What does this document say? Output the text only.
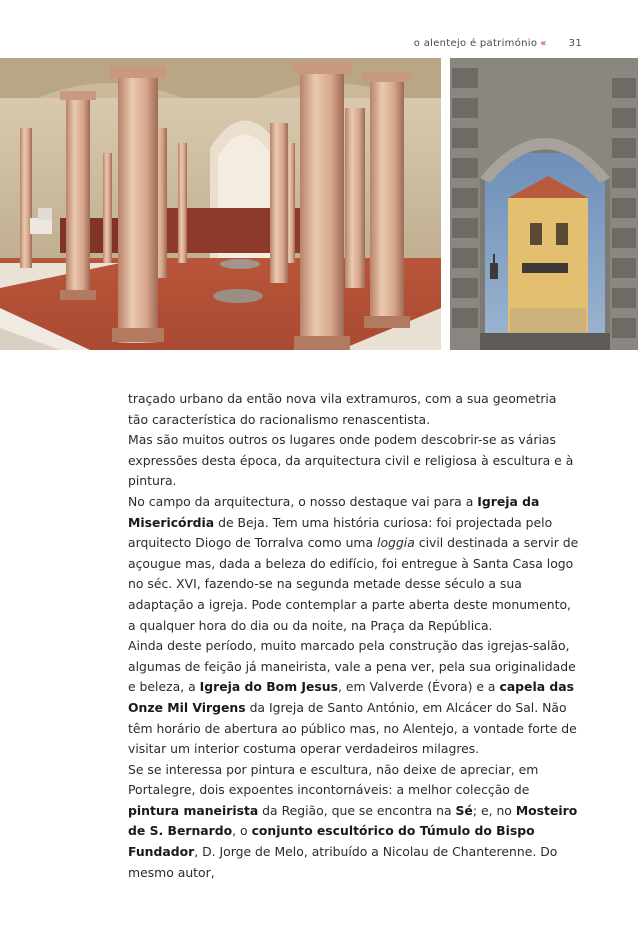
o alentejo é património « 31

traçado urbano da então nova vila extramuros, com a sua geometria tão característica do racionalismo renascentista.

Mas são muitos outros os lugares onde podem descobrir-se as várias expressões desta época, da arquitectura civil e religiosa à escultura e à pintura.

No campo da arquitectura, o nosso destaque vai para a Igreja da Misericórdia de Beja. Tem uma história curiosa: foi projectada pelo arquitecto Diogo de Torralva como uma loggia civil destinada a servir de açougue mas, dada a beleza do edifício, foi entregue à Santa Casa logo no séc. XVI, fazendo-se na segunda metade desse século a sua adaptação a igreja. Pode contemplar a parte aberta deste monumento, a qualquer hora do dia ou da noite, na Praça da República.

Ainda deste período, muito marcado pela construção das igrejas-salão, algumas de feição já maneirista, vale a pena ver, pela sua originalidade e beleza, a Igreja do Bom Jesus, em Valverde (Évora) e a capela das Onze Mil Virgens da Igreja de Santo António, em Alcácer do Sal. Não têm horário de abertura ao público mas, no Alentejo, a vontade forte de visitar um interior costuma operar verdadeiros milagres.

Se se interessa por pintura e escultura, não deixe de apreciar, em Portalegre, dois expoentes incontornáveis: a melhor colecção de pintura maneirista da Região, que se encontra na Sé; e, no Mosteiro de S. Bernardo, o conjunto escultórico do Túmulo do Bispo Fundador, D. Jorge de Melo, atribuído a Nicolau de Chanterenne. Do mesmo autor,
